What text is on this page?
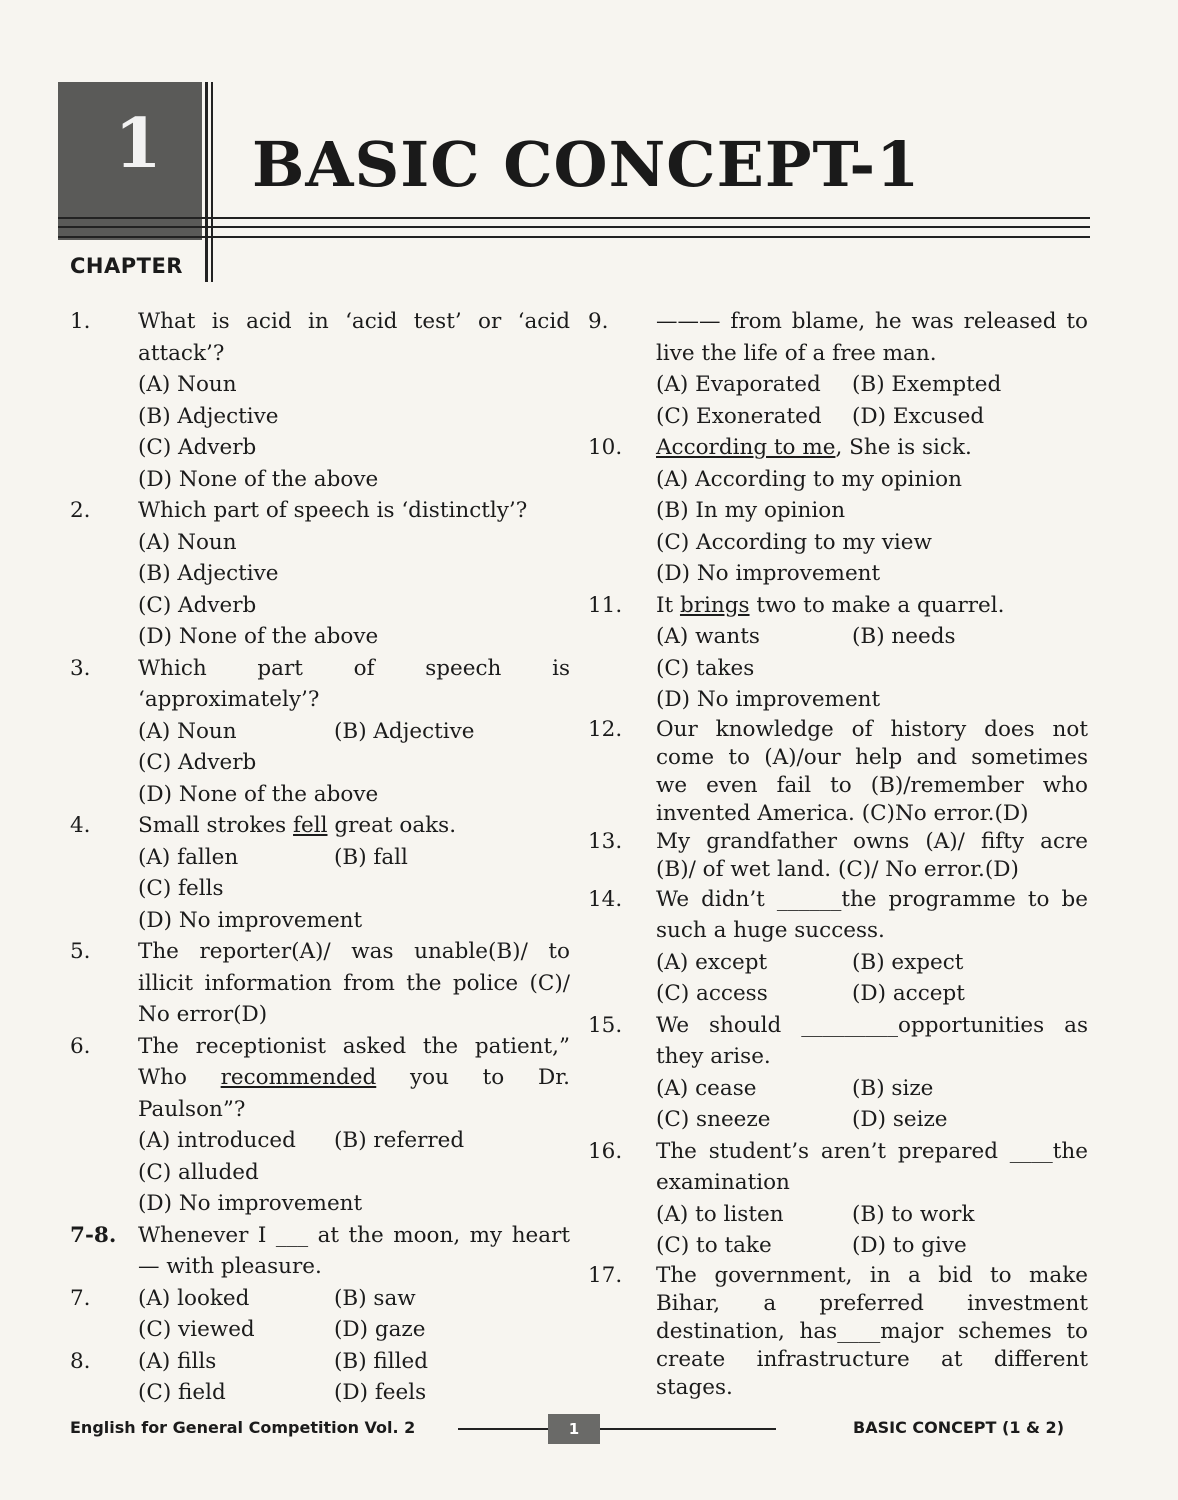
1	BASIC CONCEPT-1
CHAPTER
1.	What is acid in ‘acid test’ or ‘acid attack’?
(A) Noun
(B) Adjective
(C) Adverb
(D) None of the above
2.	Which part of speech is ‘distinctly’?
(A) Noun
(B) Adjective
(C) Adverb
(D) None of the above
3.	Which part of speech is ‘approximately’?
(A) Noun	(B) Adjective
(C) Adverb
(D) None of the above
4.	Small strokes fell great oaks.
(A) fallen	(B) fall
(C) fells
(D) No improvement
5.	The reporter(A)/ was unable(B)/ to illicit information from the police (C)/ No error(D)
6.	The receptionist asked the patient,” Who recommended you to Dr. Paulson”?
(A) introduced	(B) referred
(C) alluded
(D) No improvement
7-8.	Whenever I ___ at the moon, my heart — with pleasure.
7.	(A) looked	(B) saw
(C) viewed	(D) gaze
8.	(A) fills	(B) filled
(C) field	(D) feels
9.	——— from blame, he was released to live the life of a free man.
(A) Evaporated	(B) Exempted
(C) Exonerated	(D) Excused
10.	According to me, She is sick.
(A) According to my opinion
(B) In my opinion
(C) According to my view
(D) No improvement
11.	It brings two to make a quarrel.
(A) wants	(B) needs
(C) takes
(D) No improvement
12.	Our knowledge of history does not come to (A)/our help and sometimes we even fail to (B)/remember who invented America. (C)No error.(D)
13.	My grandfather owns (A)/ fifty acre (B)/ of wet land. (C)/ No error.(D)
14.	We didn’t ______the programme to be such a huge success.
(A) except	(B) expect
(C) access	(D) accept
15.	We should _________opportunities as they arise.
(A) cease	(B) size
(C) sneeze	(D) seize
16.	The student’s aren’t prepared ____the examination
(A) to listen	(B) to work
(C) to take	(D) to give
17.	The government, in a bid to make Bihar, a preferred investment destination, has____major schemes to create infrastructure at different stages.
English for General Competition Vol. 2	1	BASIC CONCEPT (1 & 2)
